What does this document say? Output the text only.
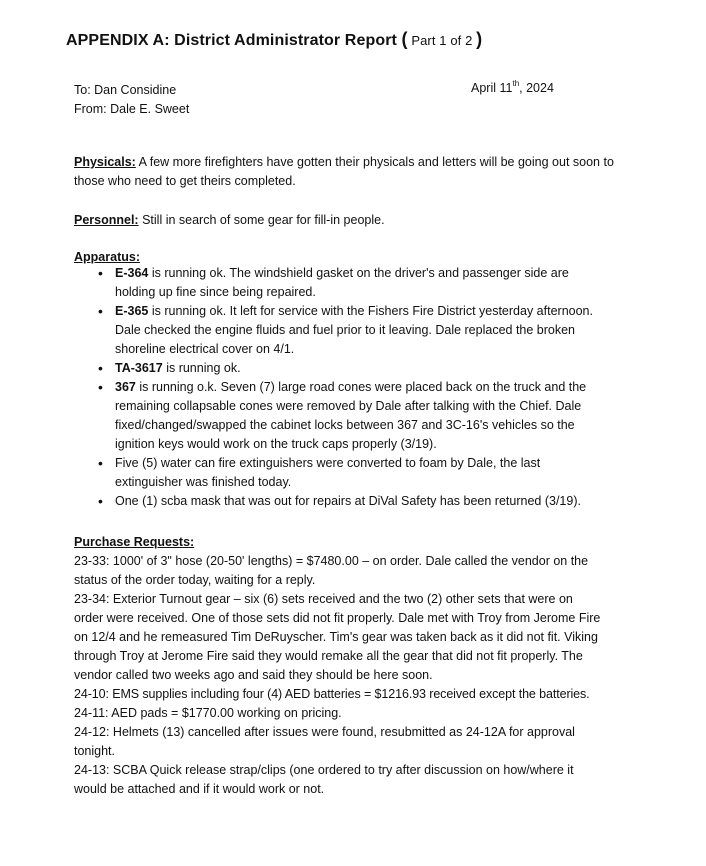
APPENDIX A: District Administrator Report ( Part 1 of 2 )
To: Dan Considine
From: Dale E. Sweet
April 11th, 2024
Physicals: A few more firefighters have gotten their physicals and letters will be going out soon to those who need to get theirs completed.
Personnel: Still in search of some gear for fill-in people.
Apparatus:
• E-364 is running ok. The windshield gasket on the driver's and passenger side are holding up fine since being repaired.
• E-365 is running ok. It left for service with the Fishers Fire District yesterday afternoon. Dale checked the engine fluids and fuel prior to it leaving. Dale replaced the broken shoreline electrical cover on 4/1.
• TA-3617 is running ok.
• 367 is running o.k. Seven (7) large road cones were placed back on the truck and the remaining collapsable cones were removed by Dale after talking with the Chief. Dale fixed/changed/swapped the cabinet locks between 367 and 3C-16's vehicles so the ignition keys would work on the truck caps properly (3/19).
• Five (5) water can fire extinguishers were converted to foam by Dale, the last extinguisher was finished today.
• One (1) scba mask that was out for repairs at DiVal Safety has been returned (3/19).
Purchase Requests:
23-33: 1000' of 3" hose (20-50' lengths) = $7480.00 – on order. Dale called the vendor on the status of the order today, waiting for a reply.
23-34: Exterior Turnout gear – six (6) sets received and the two (2) other sets that were on order were received. One of those sets did not fit properly. Dale met with Troy from Jerome Fire on 12/4 and he remeasured Tim DeRuyscher. Tim's gear was taken back as it did not fit. Viking through Troy at Jerome Fire said they would remake all the gear that did not fit properly. The vendor called two weeks ago and said they should be here soon.
24-10: EMS supplies including four (4) AED batteries = $1216.93 received except the batteries.
24-11: AED pads = $1770.00 working on pricing.
24-12: Helmets (13) cancelled after issues were found, resubmitted as 24-12A for approval tonight.
24-13: SCBA Quick release strap/clips (one ordered to try after discussion on how/where it would be attached and if it would work or not.
